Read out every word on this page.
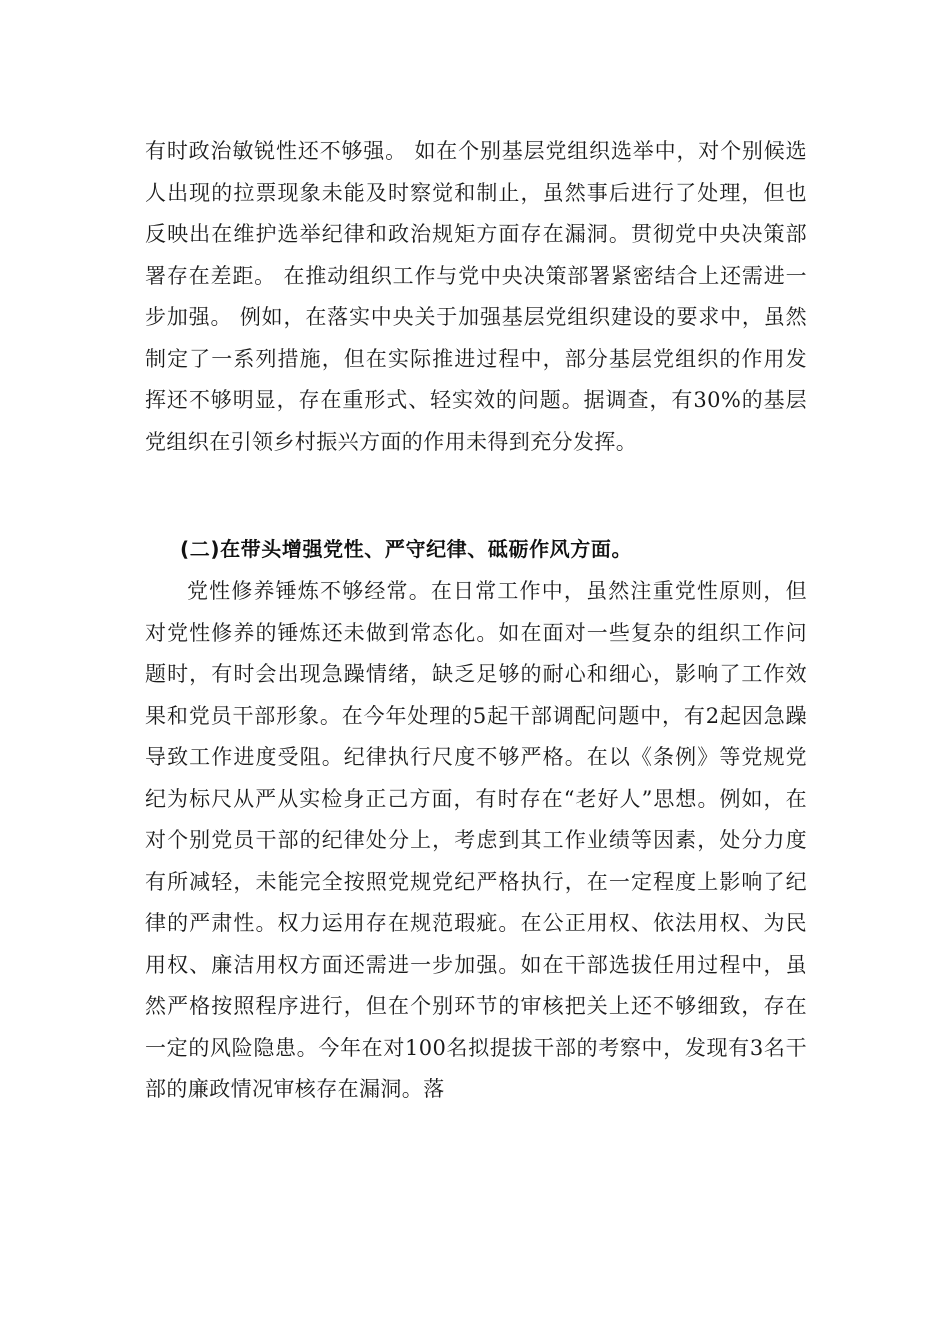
有时政治敏锐性还不够强。 如在个别基层党组织选举中，对个别候选人出现的拉票现象未能及时察觉和制止，虽然事后进行了处理，但也反映出在维护选举纪律和政治规矩方面存在漏洞。贯彻党中央决策部署存在差距。 在推动组织工作与党中央决策部署紧密结合上还需进一步加强。 例如，在落实中央关于加强基层党组织建设的要求中，虽然制定了一系列措施，但在实际推进过程中，部分基层党组织的作用发挥还不够明显，存在重形式、轻实效的问题。据调查，有30%的基层党组织在引领乡村振兴方面的作用未得到充分发挥。

(二)在带头增强党性、严守纪律、砥砺作风方面。

党性修养锤炼不够经常。在日常工作中，虽然注重党性原则，但对党性修养的锤炼还未做到常态化。如在面对一些复杂的组织工作问题时，有时会出现急躁情绪，缺乏足够的耐心和细心，影响了工作效果和党员干部形象。在今年处理的5起干部调配问题中，有2起因急躁导致工作进度受阻。纪律执行尺度不够严格。在以《条例》等党规党纪为标尺从严从实检身正己方面，有时存在“老好人”思想。例如，在对个别党员干部的纪律处分上，考虑到其工作业绩等因素，处分力度有所减轻，未能完全按照党规党纪严格执行，在一定程度上影响了纪律的严肃性。权力运用存在规范瑕疵。在公正用权、依法用权、为民用权、廉洁用权方面还需进一步加强。如在干部选拔任用过程中，虽然严格按照程序进行，但在个别环节的审核把关上还不够细致，存在一定的风险隐患。今年在对100名拟提拔干部的考察中，发现有3名干部的廉政情况审核存在漏洞。落
